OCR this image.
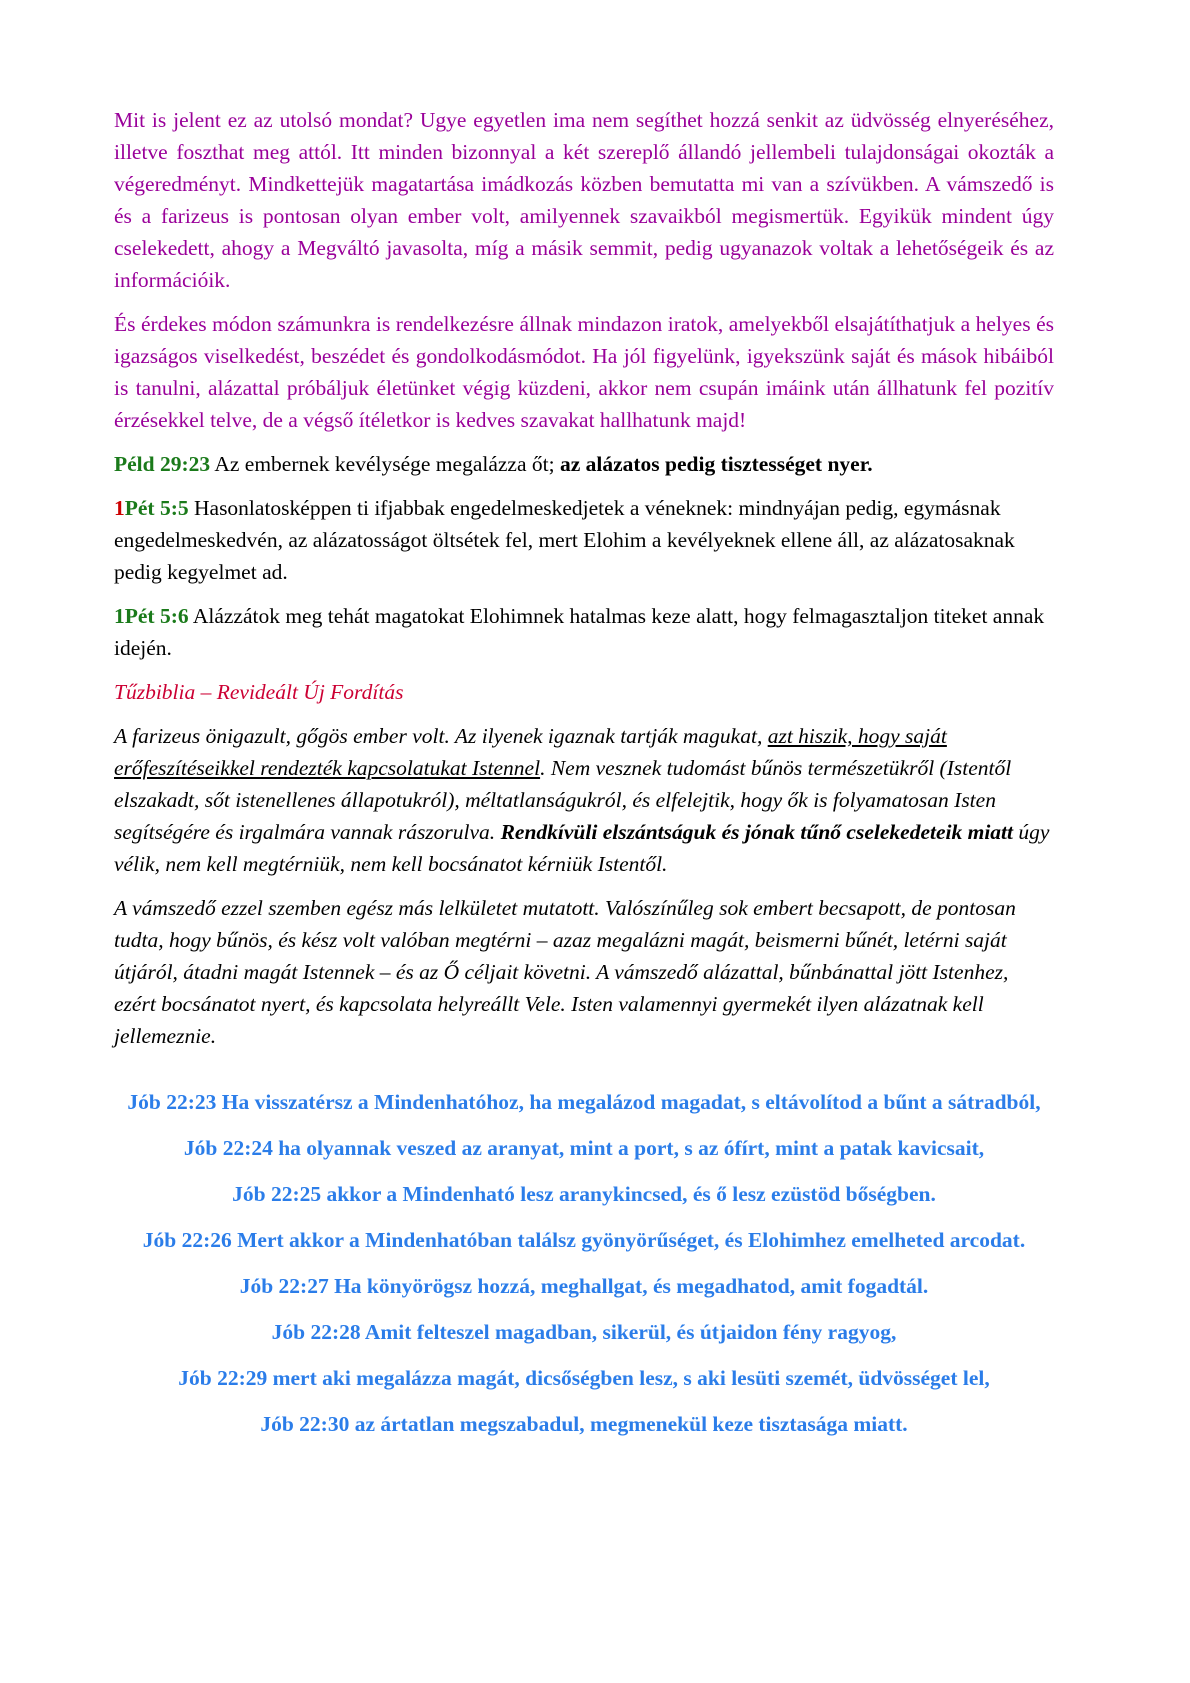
Mit is jelent ez az utolsó mondat? Ugye egyetlen ima nem segíthet hozzá senkit az üdvösség elnyeréséhez, illetve foszthat meg attól. Itt minden bizonnyal a két szereplő állandó jellembeli tulajdonságai okozták a végeredményt. Mindkettejük magatartása imádkozás közben bemutatta mi van a szívükben. A vámszedő is és a farizeus is pontosan olyan ember volt, amilyennek szavaikból megismertük. Egyikük mindent úgy cselekedett, ahogy a Megváltó javasolta, míg a másik semmit, pedig ugyanazok voltak a lehetőségeik és az információik.

És érdekes módon számunkra is rendelkezésre állnak mindazon iratok, amelyekből elsajátíthatjuk a helyes és igazságos viselkedést, beszédet és gondolkodásmódot. Ha jól figyelünk, igyekszünk saját és mások hibáiból is tanulni, alázattal próbáljuk életünket végig küzdeni, akkor nem csupán imáink után állhatunk fel pozitív érzésekkel telve, de a végső ítéletkor is kedves szavakat hallhatunk majd!

Péld 29:23 Az embernek kevélysége megalázza őt; az alázatos pedig tisztességet nyer.

1Pét 5:5 Hasonlatosképpen ti ifjabbak engedelmeskedjetek a véneknek: mindnyájan pedig, egymásnak engedelmeskedvén, az alázatosságot öltsétek fel, mert Elohim a kevélyeknek ellene áll, az alázatosaknak pedig kegyelmet ad.

1Pét 5:6 Alázzátok meg tehát magatokat Elohimnek hatalmas keze alatt, hogy felmagasztaljon titeket annak idején.

Tűzbiblia – Revideált Új Fordítás

A farizeus önigazult, gőgös ember volt. Az ilyenek igaznak tartják magukat, azt hiszik, hogy saját erőfeszítéseikkel rendezték kapcsolatukat Istennel. Nem vesznek tudomást bűnös természetükről (Istentől elszakadt, sőt istenellenes állapotukról), méltatlanságukról, és elfelejtik, hogy ők is folyamatosan Isten segítségére és irgalmára vannak rászorulva. Rendkívüli elszántságuk és jónak tűnő cselekedeteik miatt úgy vélik, nem kell megtérniük, nem kell bocsánatot kérniük Istentől.

A vámszedő ezzel szemben egész más lelkületet mutatott. Valószínűleg sok embert becsapott, de pontosan tudta, hogy bűnös, és kész volt valóban megtérni – azaz megalázni magát, beismerni bűnét, letérni saját útjáról, átadni magát Istennek – és az Ő céljait követni. A vámszedő alázattal, bűnbánattal jött Istenhez, ezért bocsánatot nyert, és kapcsolata helyreállt Vele. Isten valamennyi gyermekét ilyen alázatnak kell jellemeznie.

Jób 22:23 Ha visszatérsz a Mindenhatóhoz, ha megalázod magadat, s eltávolítod a bűnt a sátradból,

Jób 22:24 ha olyannak veszed az aranyat, mint a port, s az ófírt, mint a patak kavicsait,

Jób 22:25 akkor a Mindenható lesz aranykincsed, és ő lesz ezüstöd bőségben.

Jób 22:26 Mert akkor a Mindenhatóban találsz gyönyörűséget, és Elohimhez emelheted arcodat.

Jób 22:27 Ha könyörögsz hozzá, meghallgat, és megadhatod, amit fogadtál.

Jób 22:28 Amit felteszel magadban, sikerül, és útjaidon fény ragyog,

Jób 22:29 mert aki megalázza magát, dicsőségben lesz, s aki lesüti szemét, üdvösséget lel,

Jób 22:30 az ártatlan megszabadul, megmenekül keze tisztasága miatt.
